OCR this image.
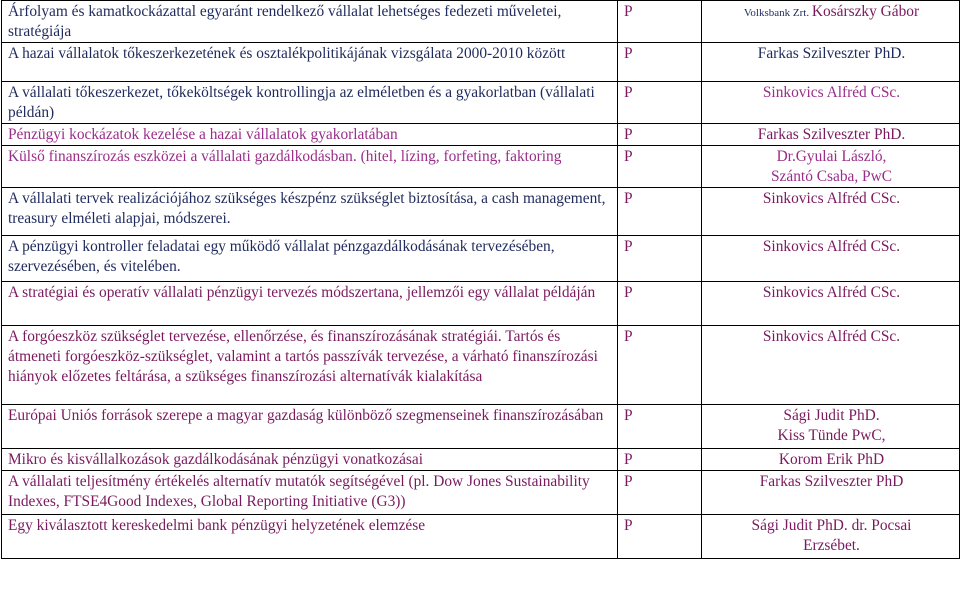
Árfolyam és kamatkockázattal egyaránt rendelkező vállalat lehetséges fedezeti műveletei, stratégiája	P	Volksbank Zrt. Kosárszky Gábor
A hazai vállalatok tőkeszerkezetének és osztalékpolitikájának vizsgálata 2000-2010 között	P	Farkas Szilveszter PhD.
A vállalati tőkeszerkezet, tőkeköltségek kontrollingja az elméletben és a gyakorlatban (vállalati példán)	P	Sinkovics Alfréd CSc.
Pénzügyi kockázatok kezelése a hazai vállalatok gyakorlatában	P	Farkas Szilveszter PhD.
Külső finanszírozás eszközei a vállalati gazdálkodásban. (hitel, lízing, forfeting, faktoring	P	Dr.Gyulai László,
Szántó Csaba, PwC

A vállalati tervek realizációjához szükséges készpénz szükséglet biztosítása, a cash management, treasury elméleti alapjai, módszerei.	P	Sinkovics Alfréd CSc.
A pénzügyi kontroller feladatai egy működő vállalat pénzgazdálkodásának tervezésében, szervezésében, és vitelében.	P	Sinkovics Alfréd CSc.
A stratégiai és operatív vállalati pénzügyi tervezés módszertana, jellemzői egy vállalat példáján	P	Sinkovics Alfréd CSc.
A forgóeszköz szükséglet tervezése, ellenőrzése, és finanszírozásának stratégiái. Tartós és átmeneti forgóeszköz-szükséglet, valamint a tartós passzívák tervezése, a várható finanszírozási hiányok előzetes feltárása, a szükséges finanszírozási alternatívák kialakítása	P	Sinkovics Alfréd CSc.
Európai Uniós források szerepe a magyar gazdaság különböző szegmenseinek finanszírozásában	P	Sági Judit PhD.
Kiss Tünde PwC,

Mikro és kisvállalkozások gazdálkodásának pénzügyi vonatkozásai	P	Korom Erik PhD
A vállalati teljesítmény értékelés alternatív mutatók segítségével (pl. Dow Jones Sustainability Indexes, FTSE4Good Indexes, Global Reporting Initiative (G3))	P	Farkas Szilveszter PhD
Egy kiválasztott kereskedelmi bank pénzügyi helyzetének elemzése	P	Sági Judit PhD. dr. Pocsai
Erzsébet.
